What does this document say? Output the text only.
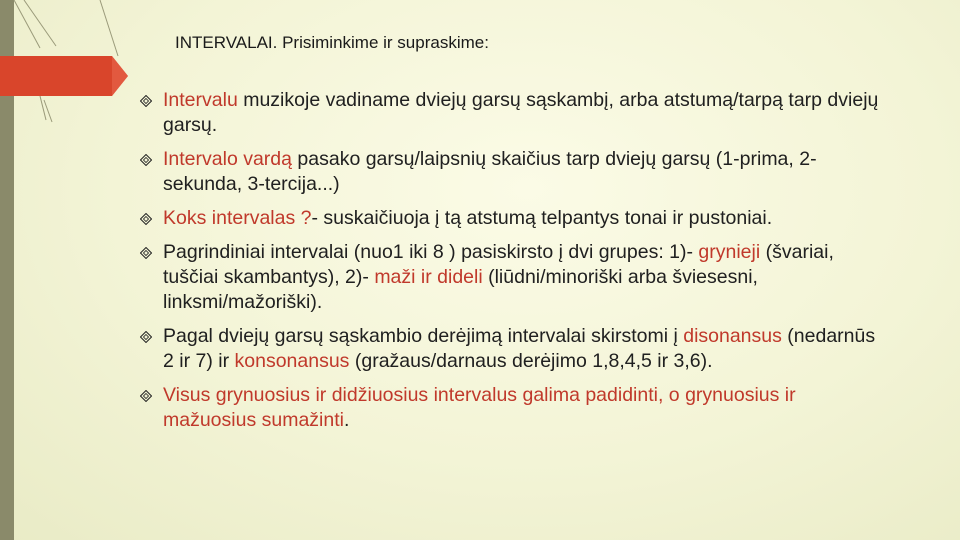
INTERVALAI. Prisiminkime ir supraskime:
Intervalu muzikoje vadiname dviejų garsų sąskambį, arba atstumą/tarpą tarp dviejų garsų.
Intervalo vardą pasako garsų/laipsnių skaičius tarp dviejų garsų (1-prima, 2-sekunda, 3-tercija...)
Koks intervalas ?- suskaičiuoja į tą atstumą telpantys tonai ir pustoniai.
Pagrindiniai intervalai (nuo1 iki 8 ) pasiskirsto į dvi grupes: 1)- grynieji (švariai, tuščiai skambantys), 2)- maži ir dideli (liūdni/minoriški arba šviesesni, linksmi/mažoriški).
Pagal dviejų garsų sąskambio derėjimą intervalai skirstomi į disonansus (nedarnūs 2 ir 7) ir konsonansus (gražaus/darnaus derėjimo 1,8,4,5 ir 3,6).
Visus grynuosius ir didžiuosius intervalus galima padidinti, o grynuosius ir mažuosius sumažinti.
